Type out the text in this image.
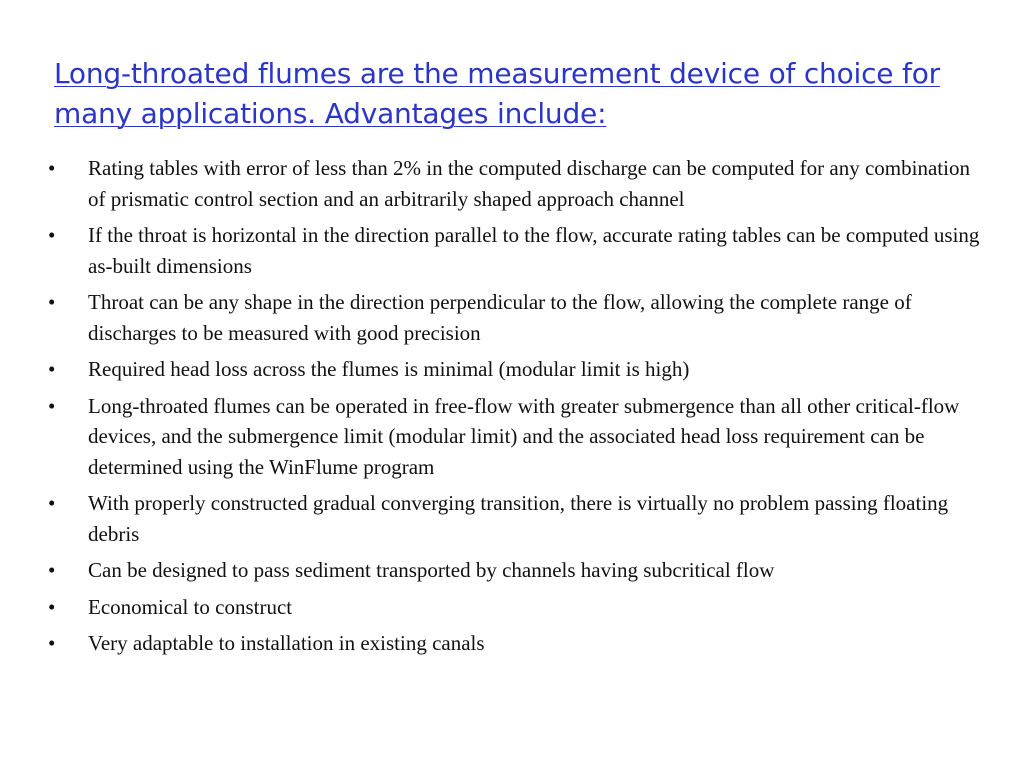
Long-throated flumes are the measurement device of choice for many applications. Advantages include:
• Rating tables with error of less than 2% in the computed discharge can be computed for any combination of prismatic control section and an arbitrarily shaped approach channel
• If the throat is horizontal in the direction parallel to the flow, accurate rating tables can be computed using as-built dimensions
• Throat can be any shape in the direction perpendicular to the flow, allowing the complete range of discharges to be measured with good precision
• Required head loss across the flumes is minimal (modular limit is high)
• Long-throated flumes can be operated in free-flow with greater submergence than all other critical-flow devices, and the submergence limit (modular limit) and the associated head loss requirement can be determined using the WinFlume program
• With properly constructed gradual converging transition, there is virtually no problem passing floating debris
• Can be designed to pass sediment transported by channels having subcritical flow
• Economical to construct
• Very adaptable to installation in existing canals
